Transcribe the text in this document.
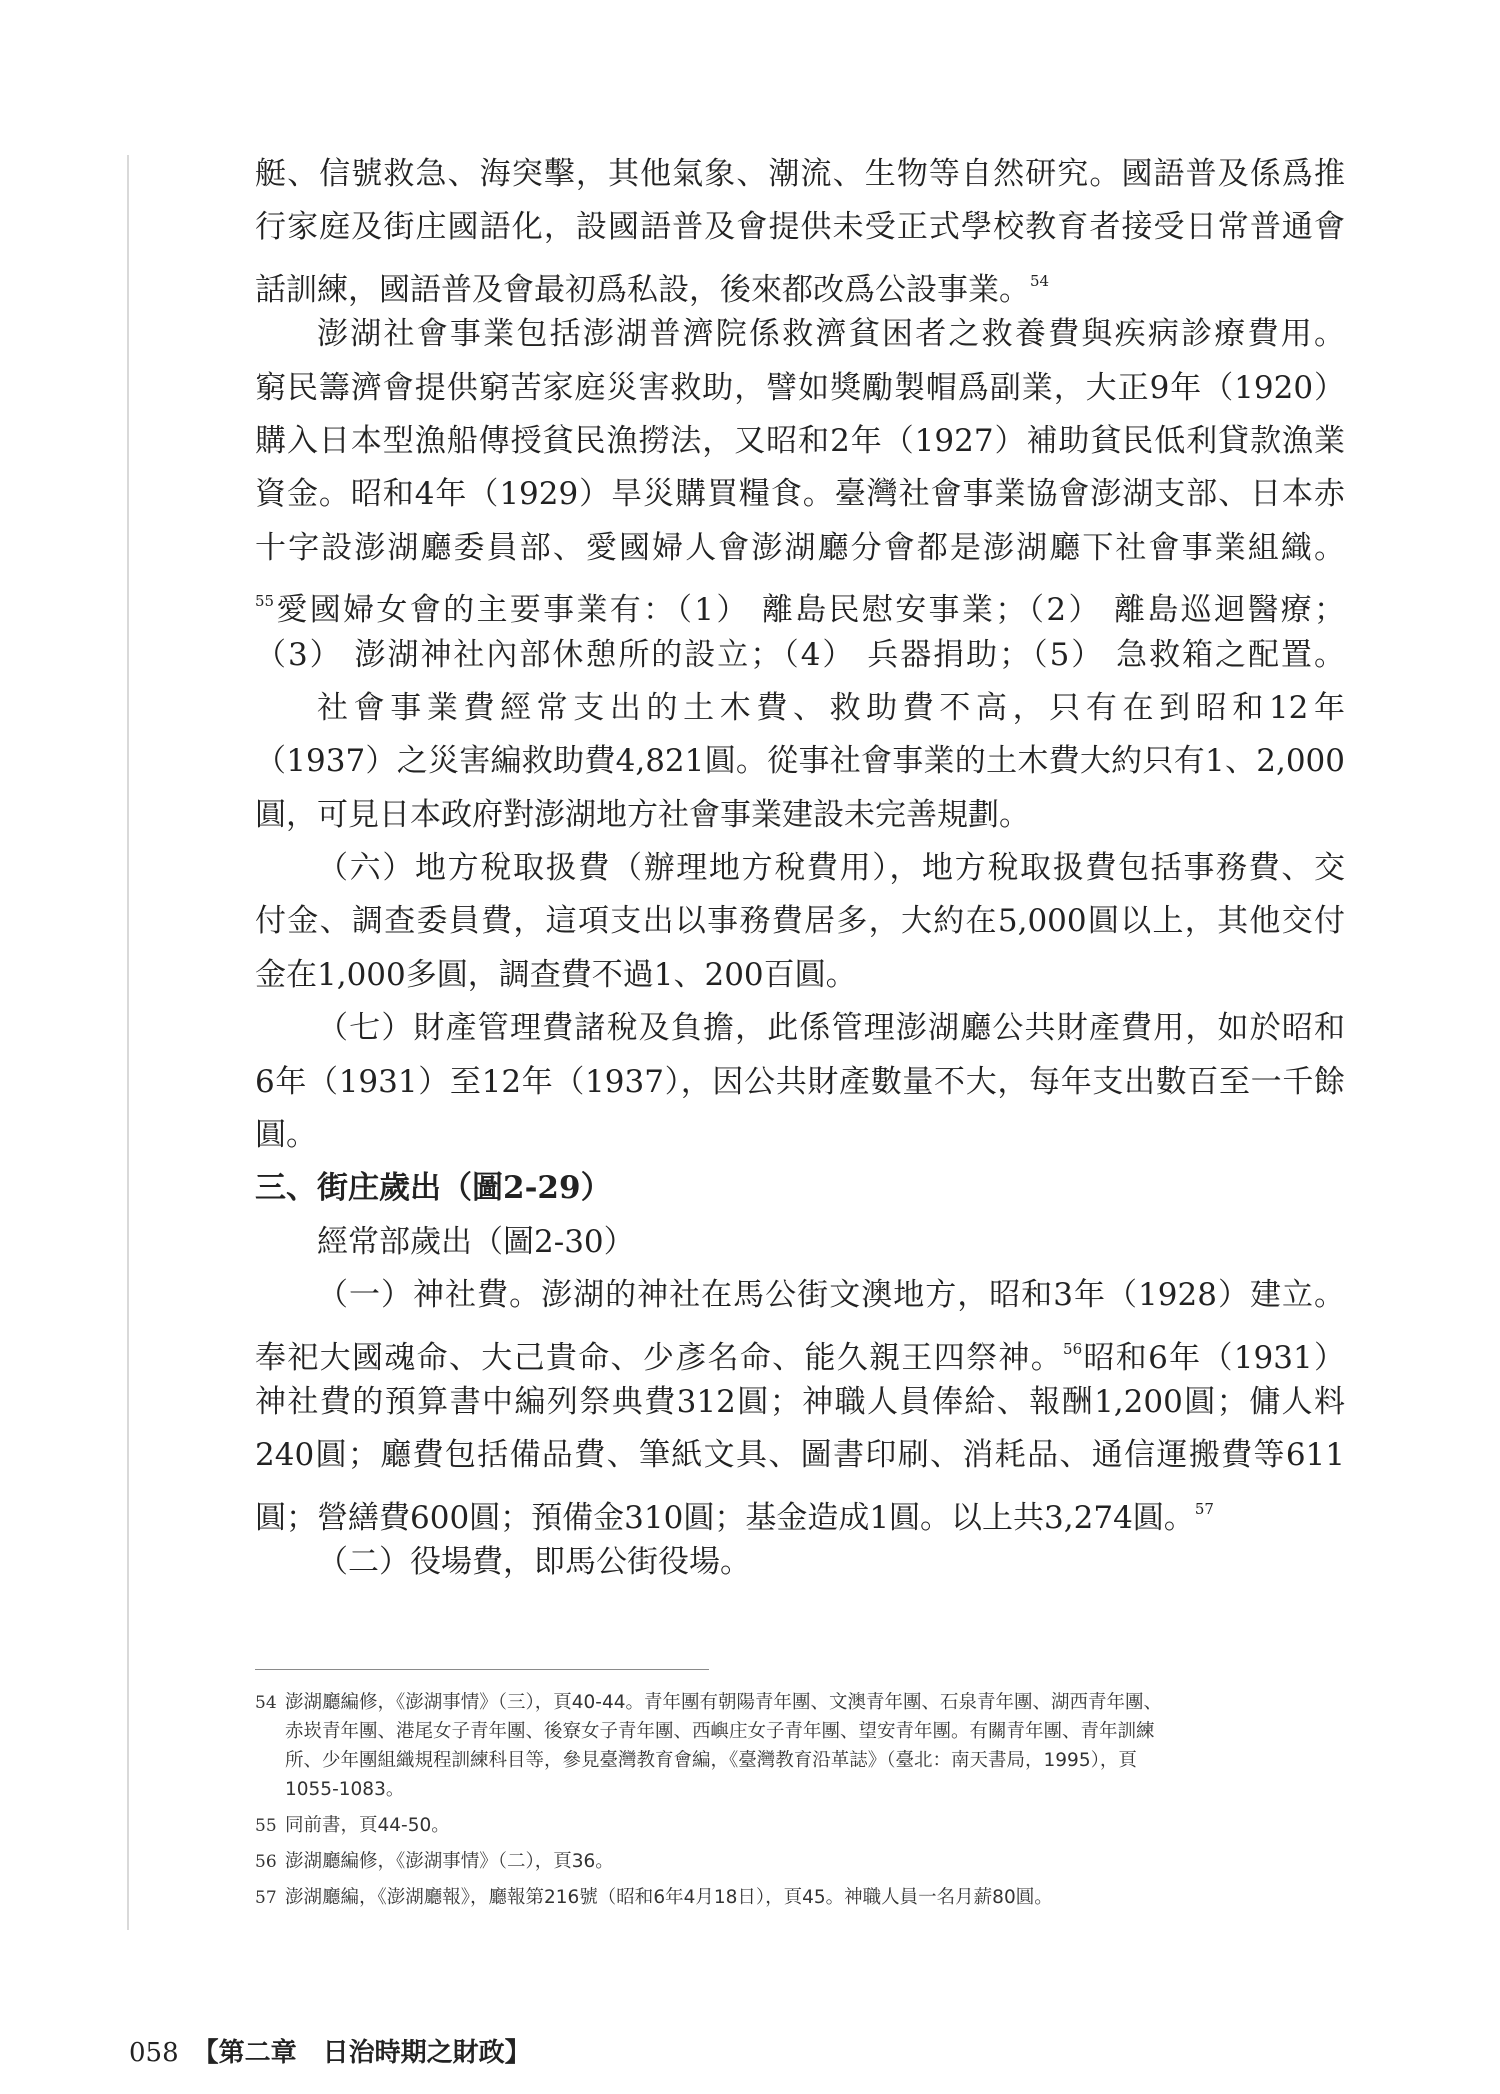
艇、信號救急、海突擊，其他氣象、潮流、生物等自然研究。國語普及係爲推
行家庭及街庄國語化，設國語普及會提供未受正式學校教育者接受日常普通會
話訓練，國語普及會最初爲私設，後來都改爲公設事業。$^{54}$
澎湖社會事業包括澎湖普濟院係救濟貧困者之救養費與疾病診療費用。
窮民籌濟會提供窮苦家庭災害救助，譬如獎勵製帽爲副業，大正9年（1920）
購入日本型漁船傳授貧民漁撈法，又昭和2年（1927）補助貧民低利貸款漁業
資金。昭和4年（1929）旱災購買糧食。臺灣社會事業協會澎湖支部、日本赤
十字設澎湖廳委員部、愛國婦人會澎湖廳分會都是澎湖廳下社會事業組織。
$^{55}$愛國婦女會的主要事業有：（1） 離島民慰安事業；（2） 離島巡迴醫療；
（3） 澎湖神社內部休憩所的設立；（4） 兵器捐助；（5） 急救箱之配置。
社會事業費經常支出的土木費、救助費不高，只有在到昭和12年
（1937）之災害編救助費4,821圓。從事社會事業的土木費大約只有1、2,000
圓，可見日本政府對澎湖地方社會事業建設未完善規劃。
（六）地方稅取扱費（辦理地方稅費用），地方稅取扱費包括事務費、交
付金、調查委員費，這項支出以事務費居多，大約在5,000圓以上，其他交付
金在1,000多圓，調查費不過1、200百圓。
（七）財產管理費諸稅及負擔，此係管理澎湖廳公共財產費用，如於昭和
6年（1931）至12年（1937），因公共財產數量不大，每年支出數百至一千餘
圓。
三、街庄歲出（圖2-29）
經常部歲出（圖2-30）
（一）神社費。澎湖的神社在馬公街文澳地方，昭和3年（1928）建立。
奉祀大國魂命、大己貴命、少彥名命、能久親王四祭神。$^{56}$昭和6年（1931）
神社費的預算書中編列祭典費312圓；神職人員俸給、報酬1,200圓；傭人料
240圓；廳費包括備品費、筆紙文具、圖書印刷、消耗品、通信運搬費等611
圓；營繕費600圓；預備金310圓；基金造成1圓。以上共3,274圓。$^{57}$
（二）役場費，即馬公街役場。
54 澎湖廳編修，《澎湖事情》（三），頁40-44。青年團有朝陽青年團、文澳青年團、石泉青年團、湖西青年團、
赤崁青年團、港尾女子青年團、後寮女子青年團、西嶼庄女子青年團、望安青年團。有關青年團、青年訓練
所、少年團組織規程訓練科目等，參見臺灣教育會編，《臺灣教育沿革誌》（臺北：南天書局，1995），頁
1055-1083。
55 同前書，頁44-50。
56 澎湖廳編修，《澎湖事情》（二），頁36。
57 澎湖廳編，《澎湖廳報》，廳報第216號（昭和6年4月18日），頁45。神職人員一名月薪80圓。
058 【第二章　日治時期之財政】
